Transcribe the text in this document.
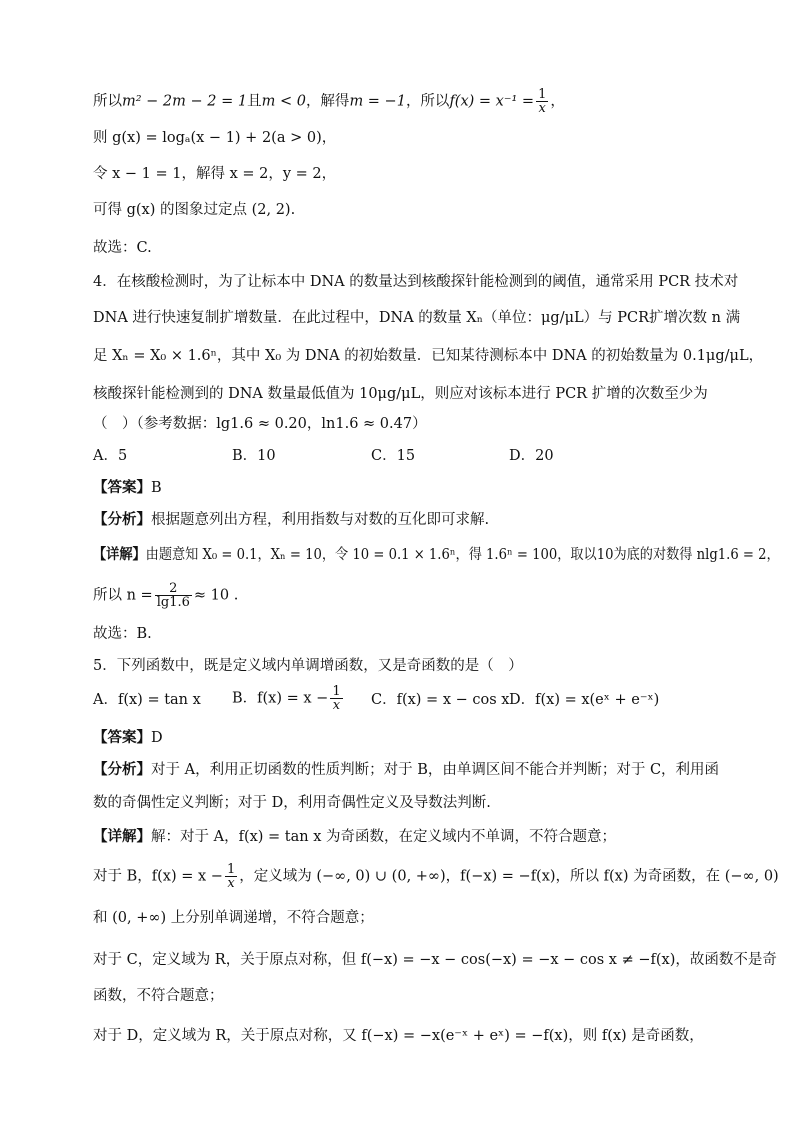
所以m² − 2m − 2 = 1且m < 0，解得m = −1，所以$f(x) = x^{-1} = \frac{1}{x}$ ，
则 g(x) = logₐ(x − 1) + 2(a > 0)，
令 x − 1 = 1，解得 x = 2，y = 2，
可得 g(x) 的图象过定点 (2, 2).
故选：C.
4．在核酸检测时，为了让标本中 DNA 的数量达到核酸探针能检测到的阈值，通常采用 PCR 技术对
DNA 进行快速复制扩增数量．在此过程中，DNA 的数量 Xₙ（单位：μg/μL）与 PCR扩增次数 n 满
足 Xₙ = X₀ × 1.6ⁿ，其中 X₀ 为 DNA 的初始数量．已知某待测标本中 DNA 的初始数量为 0.1μg/μL，
核酸探针能检测到的 DNA 数量最低值为 10μg/μL，则应对该标本进行 PCR 扩增的次数至少为
（　）（参考数据：lg1.6 ≈ 0.20，ln1.6 ≈ 0.47）
A．5	B．10	C．15	D．20
【答案】B
【分析】根据题意列出方程，利用指数与对数的互化即可求解.
【详解】由题意知 X₀ = 0.1，Xₙ = 10，令 10 = 0.1 × 1.6ⁿ，得 1.6ⁿ = 100，取以10为底的对数得 nlg1.6 = 2，
所以 $n = \frac{2}{\lg 1.6} \approx 10$ .
故选：B.
5．下列函数中，既是定义域内单调增函数，又是奇函数的是（　）
A．f(x) = tan x B．$f(x) = x - \frac{1}{x}$ C．f(x) = x − cos x D．f(x) = x(eˣ + e⁻ˣ)
【答案】D
【分析】对于 A，利用正切函数的性质判断；对于 B，由单调区间不能合并判断；对于 C，利用函
数的奇偶性定义判断；对于 D，利用奇偶性定义及导数法判断.
【详解】解：对于 A，f(x) = tan x 为奇函数，在定义域内不单调，不符合题意；
对于 B，$f(x) = x - \frac{1}{x}$ ，定义域为 (−∞, 0) ∪ (0, +∞)，f(−x) = −f(x)，所以 f(x) 为奇函数，在 (−∞, 0)
和 (0, +∞) 上分别单调递增，不符合题意；
对于 C，定义域为 R，关于原点对称，但 f(−x) = −x − cos(−x) = −x − cos x ≠ −f(x)，故函数不是奇
函数，不符合题意；
对于 D，定义域为 R，关于原点对称，又 f(−x) = −x(e⁻ˣ + eˣ) = −f(x)，则 f(x) 是奇函数，
